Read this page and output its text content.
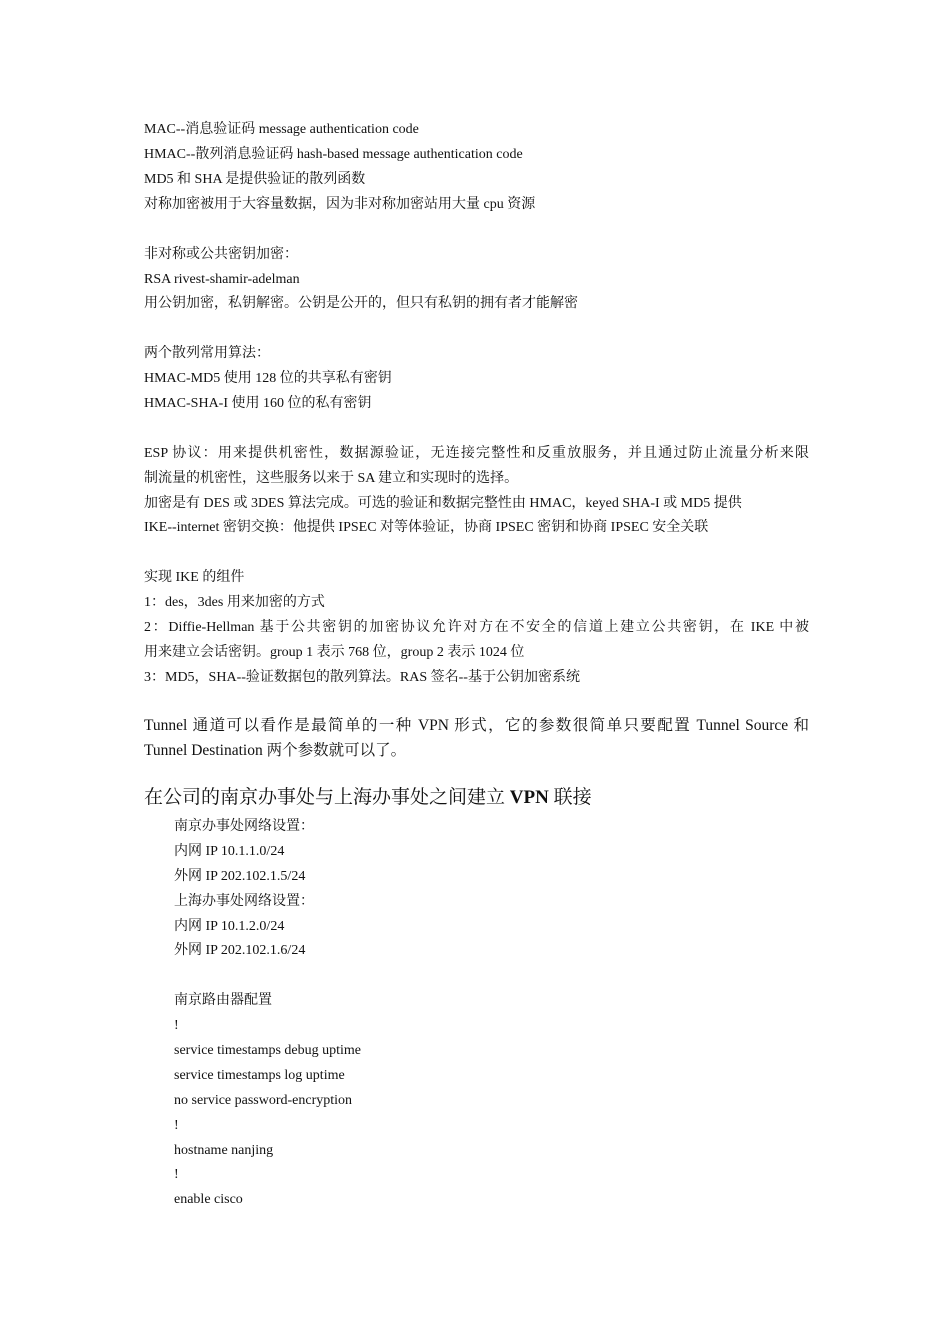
MAC--消息验证码 message authentication code
HMAC--散列消息验证码 hash-based message authentication code
MD5 和 SHA 是提供验证的散列函数
对称加密被用于大容量数据，因为非对称加密站用大量 cpu 资源
非对称或公共密钥加密：
RSA rivest-shamir-adelman
用公钥加密，私钥解密。公钥是公开的，但只有私钥的拥有者才能解密
两个散列常用算法：
HMAC-MD5 使用 128 位的共享私有密钥
HMAC-SHA-I 使用 160 位的私有密钥
ESP 协议：用来提供机密性，数据源验证，无连接完整性和反重放服务，并且通过防止流量分析来限
制流量的机密性，这些服务以来于 SA 建立和实现时的选择。
加密是有 DES 或 3DES 算法完成。可选的验证和数据完整性由 HMAC，keyed SHA-I 或 MD5 提供
IKE--internet 密钥交换：他提供 IPSEC 对等体验证，协商 IPSEC 密钥和协商 IPSEC 安全关联
实现 IKE 的组件
1：des，3des 用来加密的方式
2：Diffie-Hellman 基于公共密钥的加密协议允许对方在不安全的信道上建立公共密钥，在 IKE 中被
用来建立会话密钥。group 1 表示 768 位，group 2 表示 1024 位
3：MD5，SHA--验证数据包的散列算法。RAS 签名--基于公钥加密系统
Tunnel 通道可以看作是最简单的一种 VPN 形式，它的参数很简单只要配置 Tunnel Source 和
Tunnel Destination 两个参数就可以了。
在公司的南京办事处与上海办事处之间建立 VPN 联接
南京办事处网络设置：
内网 IP 10.1.1.0/24
外网 IP 202.102.1.5/24
上海办事处网络设置：
内网 IP 10.1.2.0/24
外网 IP 202.102.1.6/24
南京路由器配置
!
service timestamps debug uptime
service timestamps log uptime
no service password-encryption
!
hostname nanjing
!
enable cisco
